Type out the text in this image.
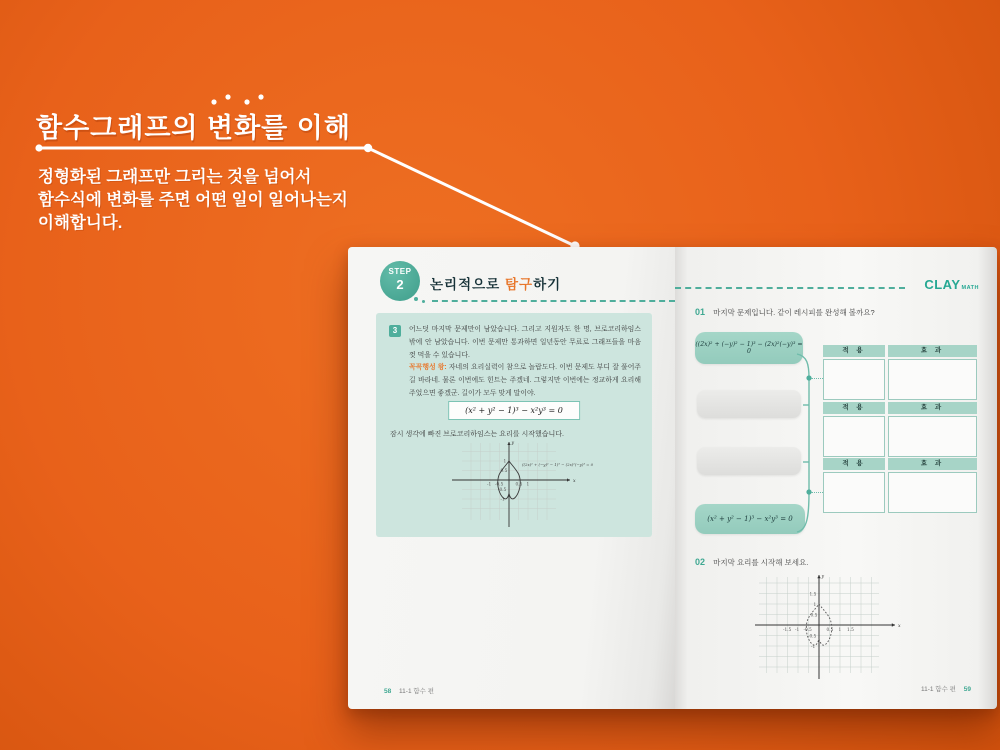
함수그래프의 변화를 이해
정형화된 그래프만 그리는 것을 넘어서
함수식에 변화를 주면 어떤 일이 일어나는지
이해합니다.
STEP
2	논리적으로 탐구하기
3	어느덧 마지막 문제만이 남았습니다. 그리고 지원자도 한 명, 브로코리하임스 밖에 안 남았습니다. 이번 문제만 통과하면 일년동안 무료로 그래프들을 마음껏 먹을 수 있습니다.
꼭꼭행성 왕: 자네의 요리실력이 참으로 놀랍도다. 이번 문제도 부디 잘 풀어주길 바라네. 물론 이번에도 힌트는 주겠네. 그렇지만 이번에는 정교하게 요리해 주었으면 좋겠군. 길이가 모두 맞게 말이야.
(x² + y² − 1)³ − x²y³ = 0
잠시 생각에 빠진 브로코리하임스는 요리를 시작했습니다.
x
y
-1 -0.5	0.5 1
1
0.5
-0.5
-1
((2x)² + (−y)² − 1)³ − (2x)²(−y)³ = 0
58 11-1 함수 편
CLAYMATH
01 마지막 문제입니다. 같이 레시피를 완성해 볼까요?
((2x)² + (−y)² − 1)³ − (2x)²(−y)³ = 0
(x² + y² − 1)³ − x²y³ = 0
적 용	효 과
적 용	효 과
적 용	효 과
02 마지막 요리를 시작해 보세요.
x
y
-1.5 -1 -0.5	0.5 1 1.5
1.5
1
0.5
-0.5
-1
11-1 함수 편 59
